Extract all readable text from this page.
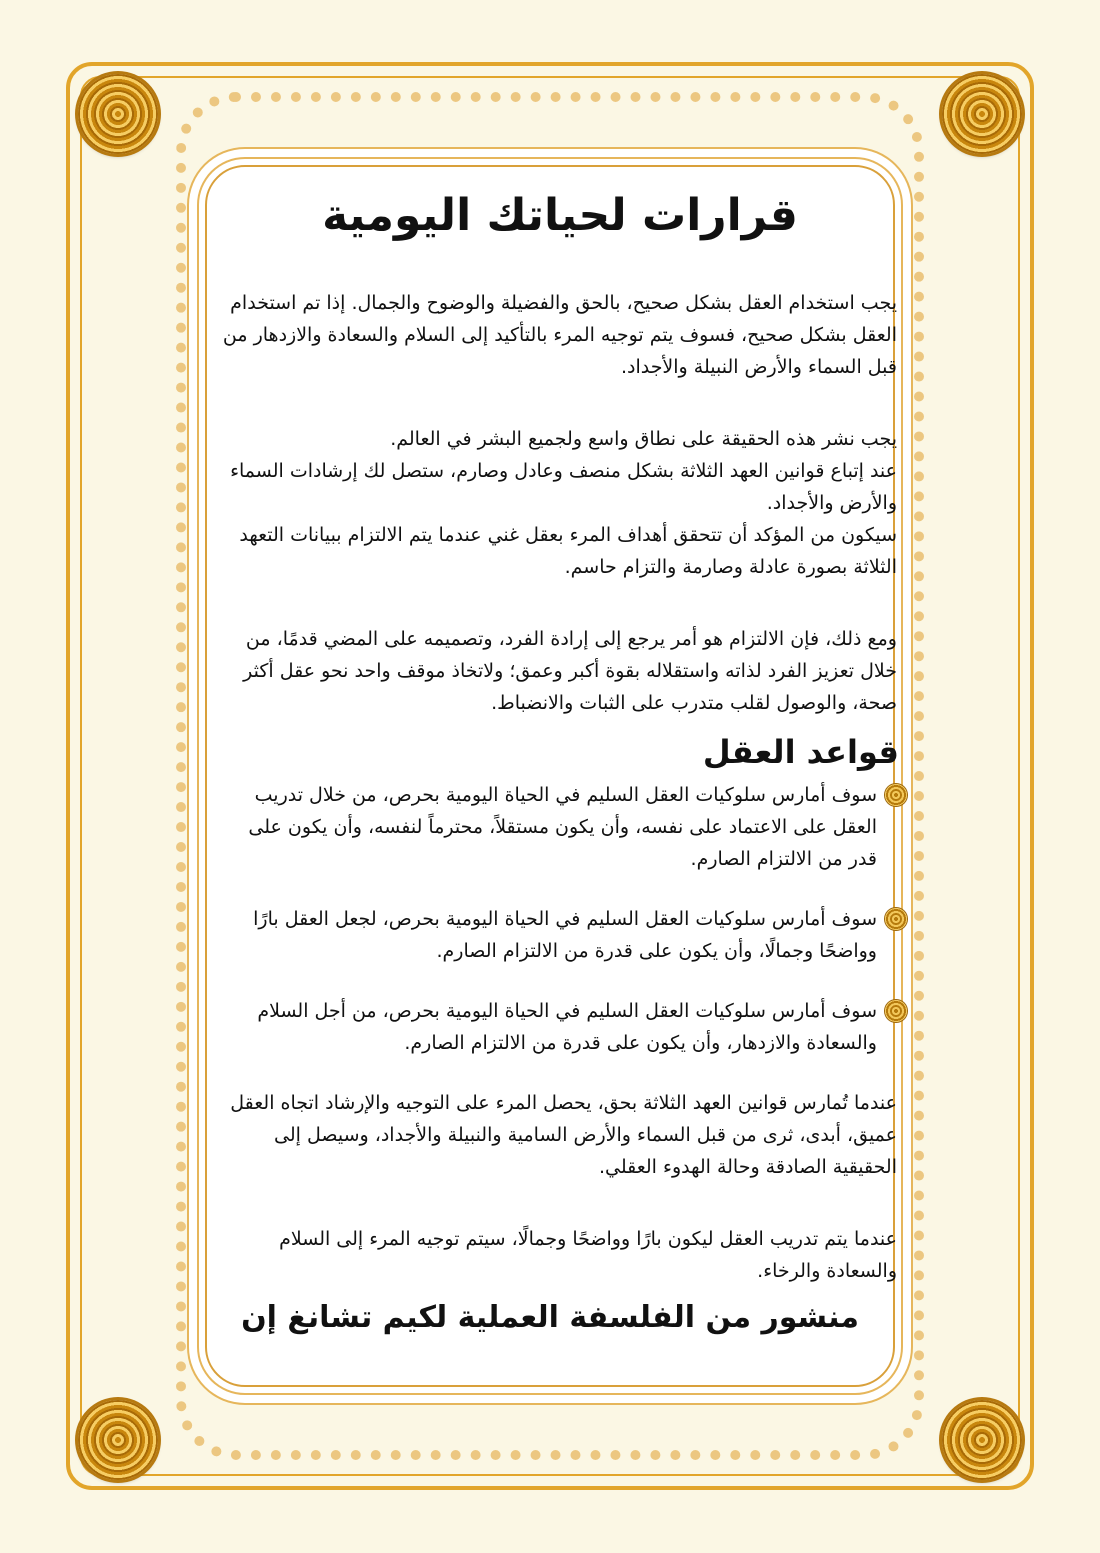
قرارات لحياتك اليومية

يجب استخدام العقل بشكل صحيح، بالحق والفضيلة والوضوح والجمال. إذا تم استخدام العقل بشكل صحيح، فسوف يتم توجيه المرء بالتأكيد إلى السلام والسعادة والازدهار من قبل السماء والأرض النبيلة والأجداد.

يجب نشر هذه الحقيقة على نطاق واسع ولجميع البشر في العالم.

عند إتباع قوانين العهد الثلاثة بشكل منصف وعادل وصارم، ستصل لك إرشادات السماء والأرض والأجداد.

سيكون من المؤكد أن تتحقق أهداف المرء بعقل غني عندما يتم الالتزام ببيانات التعهد الثلاثة بصورة عادلة وصارمة والتزام حاسم.

ومع ذلك، فإن الالتزام هو أمر يرجع إلى إرادة الفرد، وتصميمه على المضي قدمًا، من خلال تعزيز الفرد لذاته واستقلاله بقوة أكبر وعمق؛ ولاتخاذ موقف واحد نحو عقل أكثر صحة، والوصول لقلب متدرب على الثبات والانضباط.

قواعد العقل
سوف أمارس سلوكيات العقل السليم في الحياة اليومية بحرص، من خلال تدريب العقل على الاعتماد على نفسه، وأن يكون مستقلاً، محترماً لنفسه، وأن يكون على قدر من الالتزام الصارم.
سوف أمارس سلوكيات العقل السليم في الحياة اليومية بحرص، لجعل العقل بارًا وواضحًا وجمالًا، وأن يكون على قدرة من الالتزام الصارم.
سوف أمارس سلوكيات العقل السليم في الحياة اليومية بحرص، من أجل السلام والسعادة والازدهار، وأن يكون على قدرة من الالتزام الصارم.

عندما تُمارس قوانين العهد الثلاثة بحق، يحصل المرء على التوجيه والإرشاد اتجاه العقل عميق، أبدى، ثرى من قبل السماء والأرض السامية والنبيلة والأجداد، وسيصل إلى الحقيقية الصادقة وحالة الهدوء العقلي.

عندما يتم تدريب العقل ليكون بارًا وواضحًا وجمالًا، سيتم توجيه المرء إلى السلام والسعادة والرخاء.

منشور من الفلسفة العملية لكيم تشانغ إن
